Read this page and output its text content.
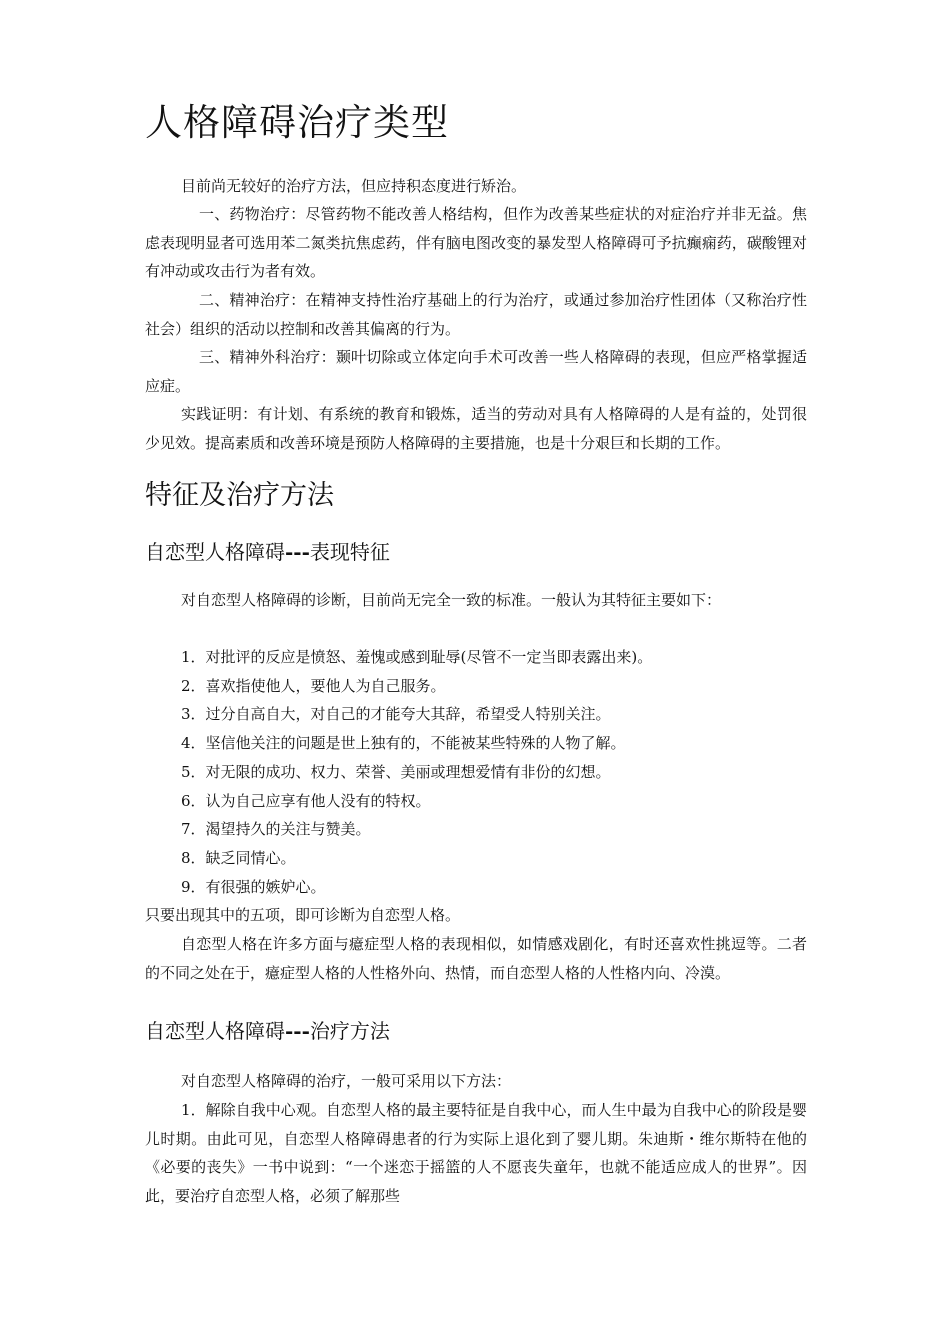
人格障碍治疗类型

目前尚无较好的治疗方法，但应持积态度进行矫治。

一、药物治疗：尽管药物不能改善人格结构，但作为改善某些症状的对症治疗并非无益。焦虑表现明显者可选用苯二氮类抗焦虑药，伴有脑电图改变的暴发型人格障碍可予抗癫痫药，碳酸锂对有冲动或攻击行为者有效。

二、精神治疗：在精神支持性治疗基础上的行为治疗，或通过参加治疗性团体（又称治疗性社会）组织的活动以控制和改善其偏离的行为。

三、精神外科治疗：颞叶切除或立体定向手术可改善一些人格障碍的表现，但应严格掌握适应症。

实践证明：有计划、有系统的教育和锻炼，适当的劳动对具有人格障碍的人是有益的，处罚很少见效。提高素质和改善环境是预防人格障碍的主要措施，也是十分艰巨和长期的工作。

特征及治疗方法
自恋型人格障碍---表现特征

对自恋型人格障碍的诊断，目前尚无完全一致的标准。一般认为其特征主要如下：

1．对批评的反应是愤怒、羞愧或感到耻辱(尽管不一定当即表露出来)。
2．喜欢指使他人，要他人为自己服务。
3．过分自高自大，对自己的才能夸大其辞，希望受人特别关注。
4．坚信他关注的问题是世上独有的，不能被某些特殊的人物了解。
5．对无限的成功、权力、荣誉、美丽或理想爱情有非份的幻想。
6．认为自己应享有他人没有的特权。
7．渴望持久的关注与赞美。
8．缺乏同情心。
9．有很强的嫉妒心。

只要出现其中的五项，即可诊断为自恋型人格。

自恋型人格在许多方面与癔症型人格的表现相似，如情感戏剧化，有时还喜欢性挑逗等。二者的不同之处在于，癔症型人格的人性格外向、热情，而自恋型人格的人性格内向、冷漠。

自恋型人格障碍---治疗方法

对自恋型人格障碍的治疗，一般可采用以下方法：

1．解除自我中心观。自恋型人格的最主要特征是自我中心，而人生中最为自我中心的阶段是婴儿时期。由此可见，自恋型人格障碍患者的行为实际上退化到了婴儿期。朱迪斯・维尔斯特在他的《必要的丧失》一书中说到：“一个迷恋于摇篮的人不愿丧失童年，也就不能适应成人的世界”。因此，要治疗自恋型人格，必须了解那些
